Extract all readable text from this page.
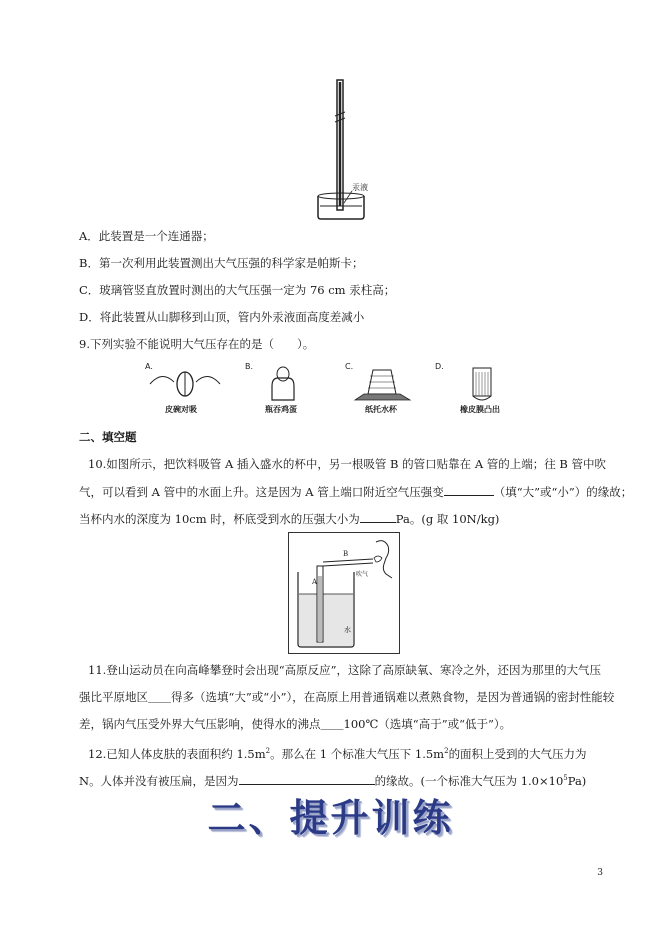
汞液
A．此装置是一个连通器；
B．第一次利用此装置测出大气压强的科学家是帕斯卡；
C．玻璃管竖直放置时测出的大气压强一定为 76 cm 汞柱高；
D．将此装置从山脚移到山顶，管内外汞液面高度差减小
9.下列实验不能说明大气压存在的是（　　）。
A.
皮碗对吸
B.
瓶吞鸡蛋
C.
纸托水杯
D.
橡皮膜凸出
二、填空题
10.如图所示，把饮料吸管 A 插入盛水的杯中，另一根吸管 B 的管口贴靠在 A 管的上端；往 B 管中吹
气，可以看到 A 管中的水面上升。这是因为 A 管上端口附近空气压强变	（填“大”或“小”）的缘故；
当杯内水的深度为 10cm 时，杯底受到水的压强大小为	Pa。(g 取 10N/kg)
B
A
吹气
水
11.登山运动员在向高峰攀登时会出现“高原反应”，这除了高原缺氧、寒冷之外，还因为那里的大气压
强比平原地区＿＿得多（选填“大”或“小”），在高原上用普通锅难以煮熟食物，是因为普通锅的密封性能较
差，锅内气压受外界大气压影响，使得水的沸点＿＿100℃（选填“高于”或“低于”）。
12.已知人体皮肤的表面积约 $1.5m^2$。那么在 1 个标准大气压下 $1.5m^2$的面积上受到的大气压力为
N。人体并没有被压扁，是因为	的缘故。(一个标准大气压为 $1.0\times 10^5Pa$)
二、提升训练
3
